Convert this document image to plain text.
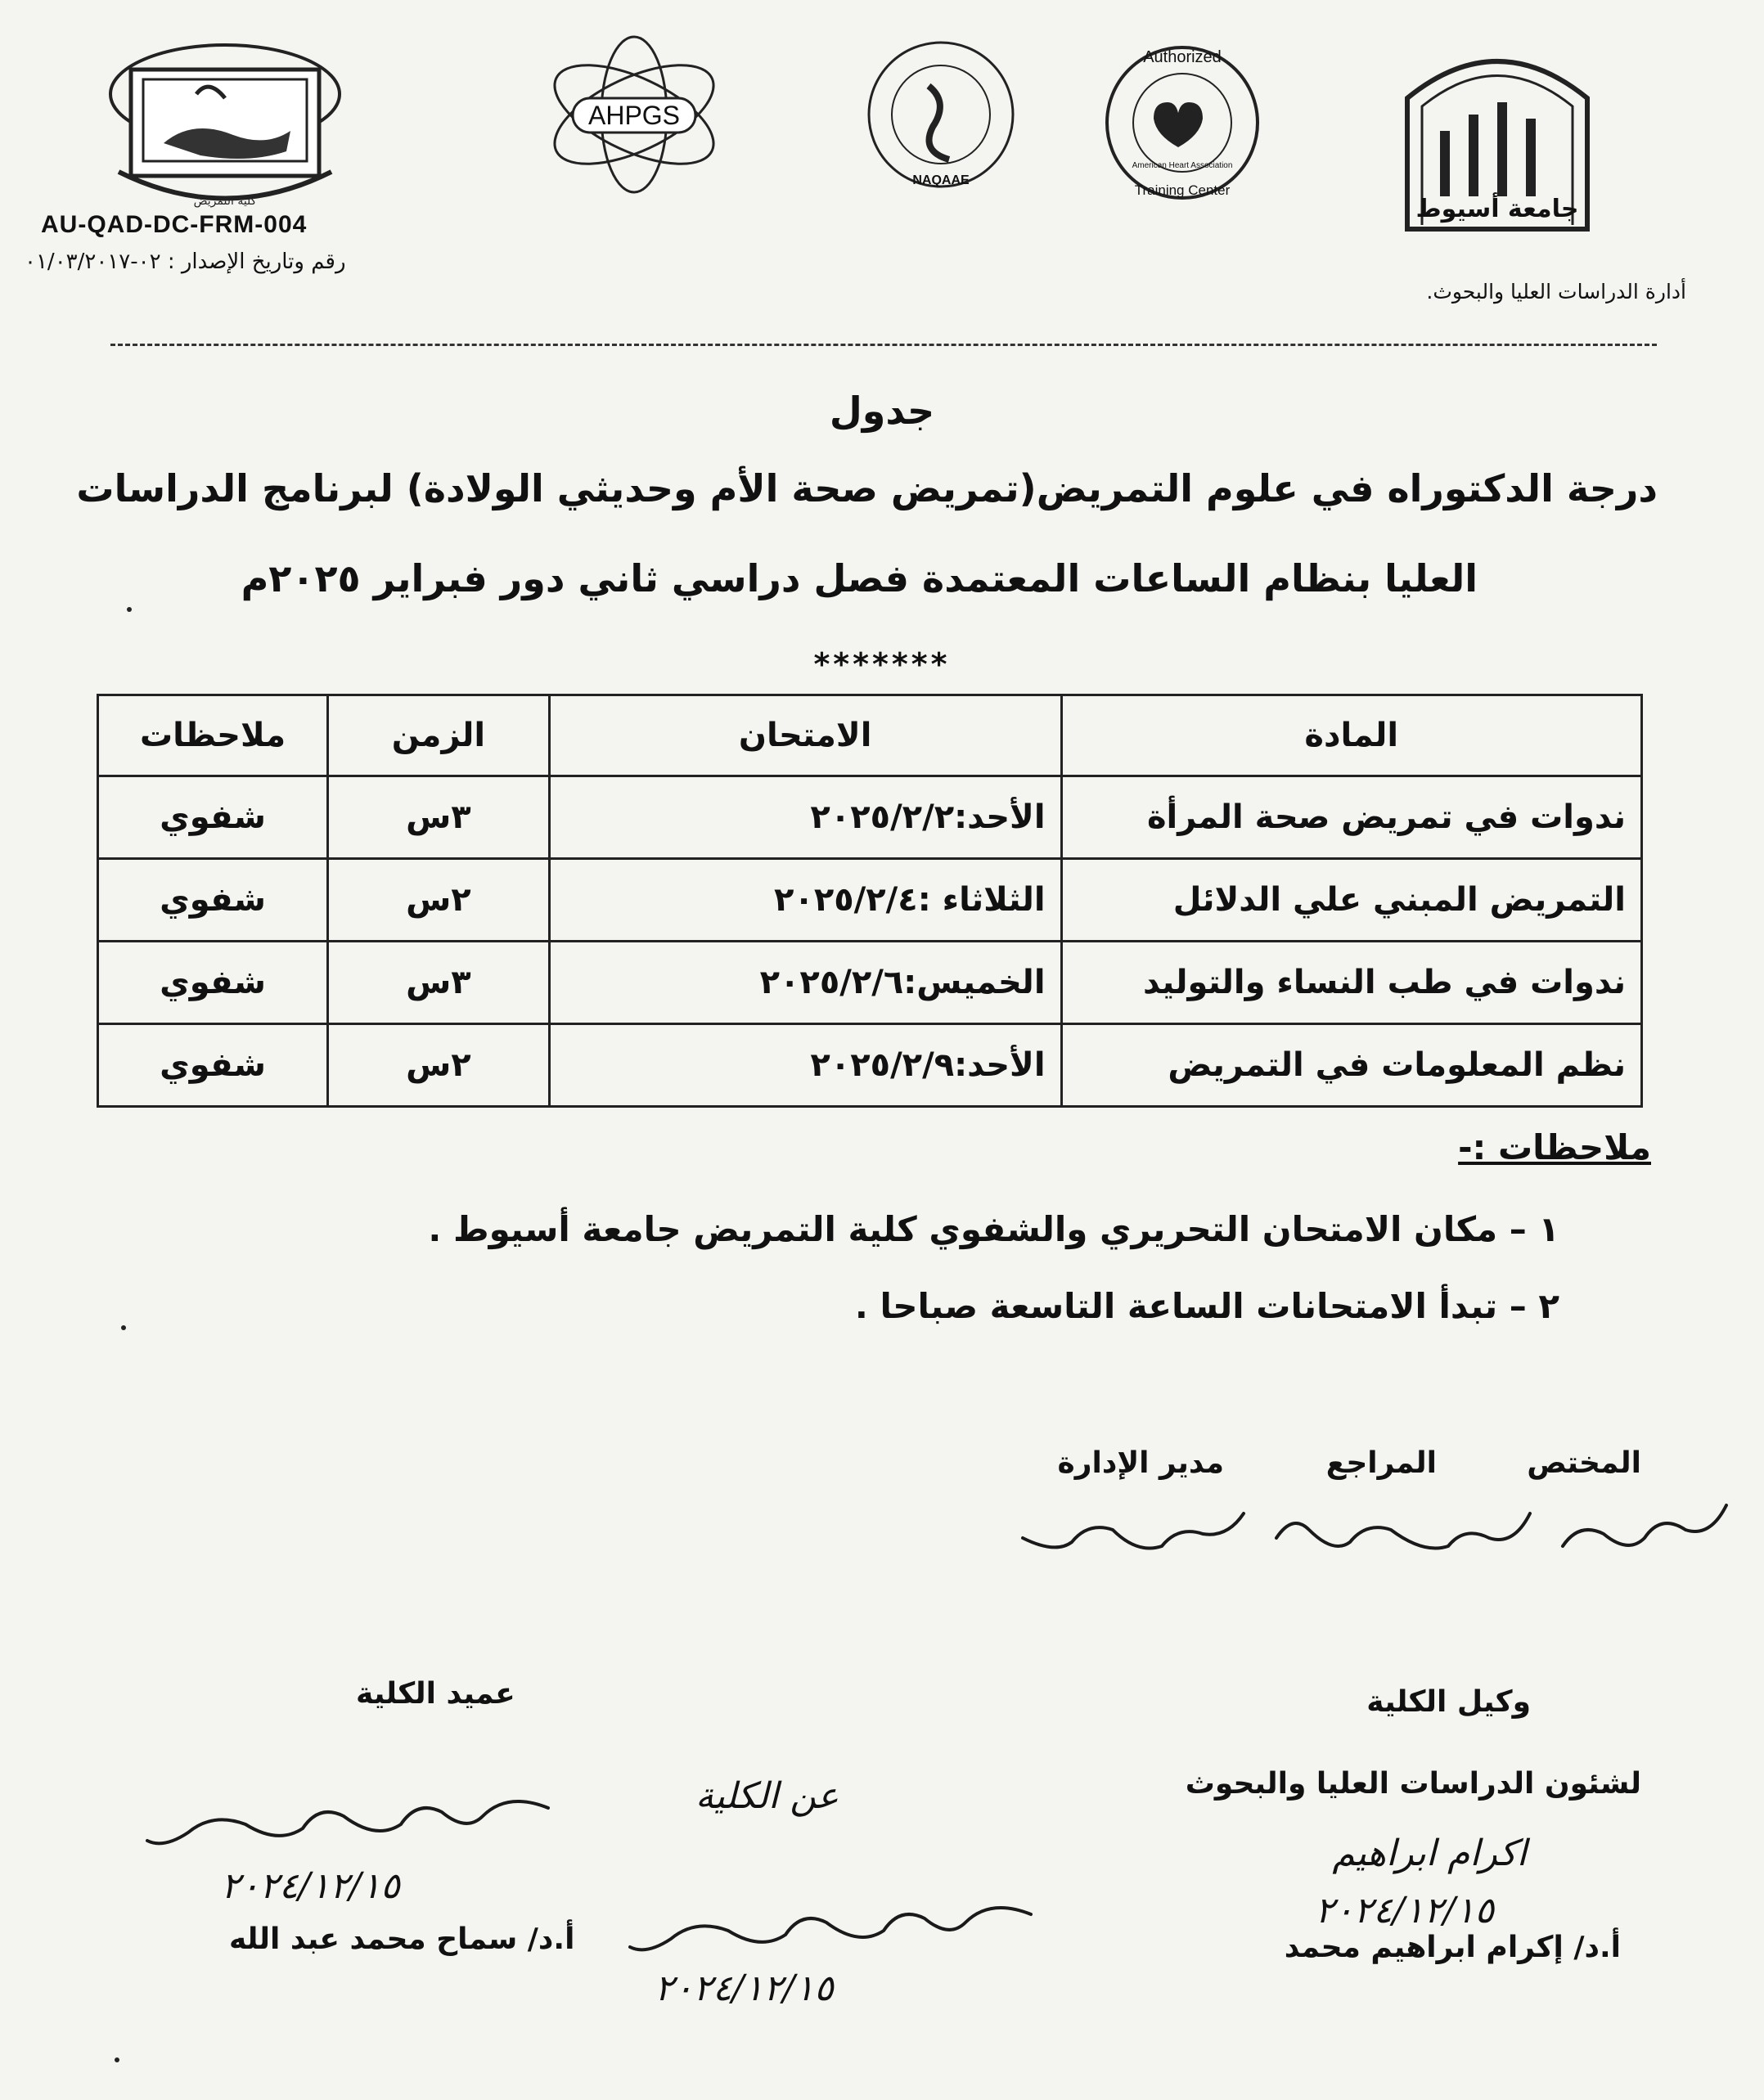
كلية التمريض
AHPGS
NAQAAE
Authorized
Training Center
American Heart Association
جامعة أسيوط
AU-QAD-DC-FRM-004
رقم وتاريخ الإصدار : ٠٢-٠١/٠٣/٢٠١٧
أدارة الدراسات العليا والبحوث.
جدول
درجة الدكتوراه في علوم التمريض(تمريض صحة الأم وحديثي الولادة) لبرنامج الدراسات
العليا بنظام الساعات المعتمدة فصل دراسي ثاني دور فبراير ٢٠٢٥م
*******
المادة	الامتحان	الزمن	ملاحظات
ندوات في تمريض صحة المرأة	الأحد:٢٠٢٥/٢/٢	٣س	شفوي
التمريض المبني علي الدلائل	الثلاثاء :٢٠٢٥/٢/٤	٢س	شفوي
ندوات في طب النساء والتوليد	الخميس:٢٠٢٥/٢/٦	٣س	شفوي
نظم المعلومات في التمريض	الأحد:٢٠٢٥/٢/٩	٢س	شفوي
ملاحظات :-
١ – مكان الامتحان التحريري والشفوي كلية التمريض جامعة أسيوط .
٢ – تبدأ الامتحانات الساعة التاسعة صباحا .
المختص
المراجع
مدير الإدارة
وكيل الكلية
لشئون الدراسات العليا والبحوث
اكرام ابراهيم
٢٠٢٤/١٢/١٥
أ.د/ إكرام ابراهيم محمد
عميد الكلية
٢٠٢٤/١٢/١٥
عن الكلية
أ.د/ سماح محمد عبد الله
٢٠٢٤/١٢/١٥
